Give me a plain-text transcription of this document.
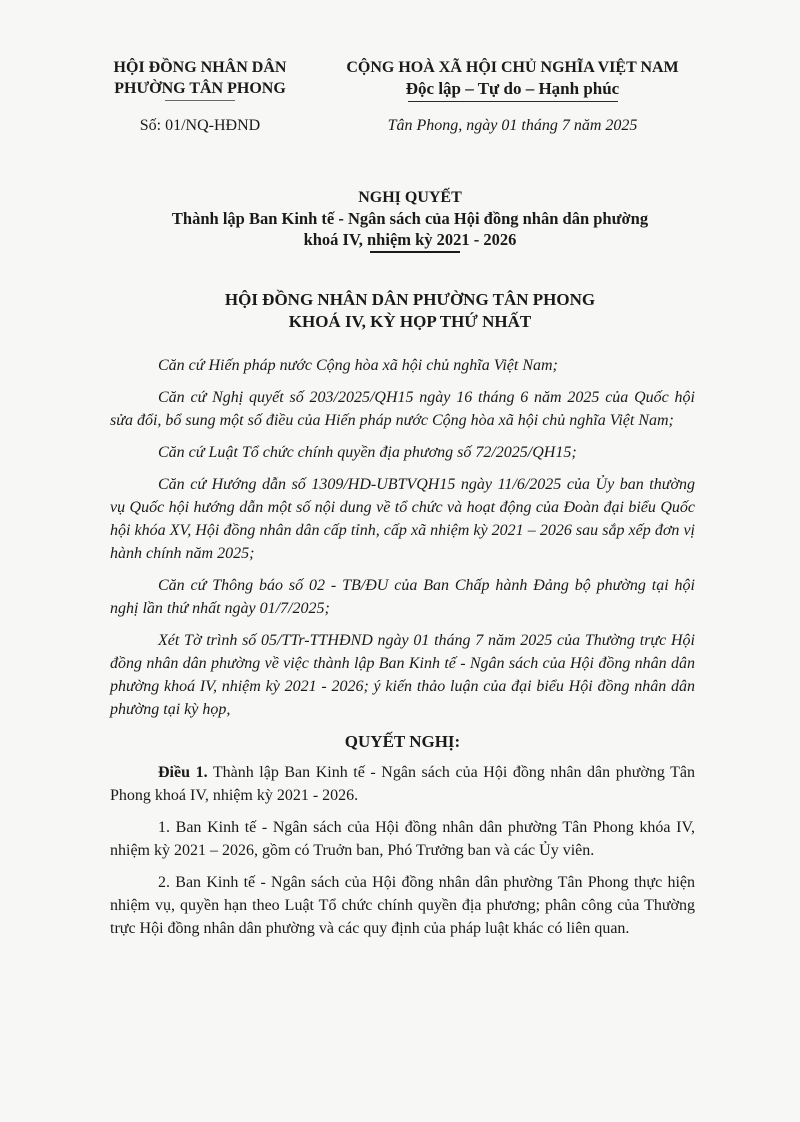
HỘI ĐỒNG NHÂN DÂN
PHƯỜNG TÂN PHONG
Số: 01/NQ-HĐND
CỘNG HOÀ XÃ HỘI CHỦ NGHĨA VIỆT NAM
Độc lập – Tự do – Hạnh phúc
Tân Phong, ngày 01 tháng 7 năm 2025
NGHỊ QUYẾT
Thành lập Ban Kinh tế - Ngân sách của Hội đồng nhân dân phường
khoá IV, nhiệm kỳ 2021 - 2026
HỘI ĐỒNG NHÂN DÂN PHƯỜNG TÂN PHONG
KHOÁ IV, KỲ HỌP THỨ NHẤT

Căn cứ Hiến pháp nước Cộng hòa xã hội chủ nghĩa Việt Nam;

Căn cứ Nghị quyết số 203/2025/QH15 ngày 16 tháng 6 năm 2025 của Quốc hội sửa đổi, bổ sung một số điều của Hiến pháp nước Cộng hòa xã hội chủ nghĩa Việt Nam;

Căn cứ Luật Tổ chức chính quyền địa phương số 72/2025/QH15;

Căn cứ Hướng dẫn số 1309/HD-UBTVQH15 ngày 11/6/2025 của Ủy ban thường vụ Quốc hội hướng dẫn một số nội dung về tổ chức và hoạt động của Đoàn đại biểu Quốc hội khóa XV, Hội đồng nhân dân cấp tỉnh, cấp xã nhiệm kỳ 2021 – 2026 sau sắp xếp đơn vị hành chính năm 2025;

Căn cứ Thông báo số 02 - TB/ĐU của Ban Chấp hành Đảng bộ phường tại hội nghị lần thứ nhất ngày 01/7/2025;

Xét Tờ trình số 05/TTr-TTHĐND ngày 01 tháng 7 năm 2025 của Thường trực Hội đồng nhân dân phường về việc thành lập Ban Kinh tế - Ngân sách của Hội đồng nhân dân phường khoá IV, nhiệm kỳ 2021 - 2026; ý kiến thảo luận của đại biểu Hội đồng nhân dân phường tại kỳ họp,

QUYẾT NGHỊ:

Điều 1. Thành lập Ban Kinh tế - Ngân sách của Hội đồng nhân dân phường Tân Phong khoá IV, nhiệm kỳ 2021 - 2026.

1. Ban Kinh tế - Ngân sách của Hội đồng nhân dân phường Tân Phong khóa IV, nhiệm kỳ 2021 – 2026, gồm có Truởn ban, Phó Trưởng ban và các Ủy viên.

2. Ban Kinh tế - Ngân sách của Hội đồng nhân dân phường Tân Phong thực hiện nhiệm vụ, quyền hạn theo Luật Tổ chức chính quyền địa phương; phân công của Thường trực Hội đồng nhân dân phường và các quy định của pháp luật khác có liên quan.
